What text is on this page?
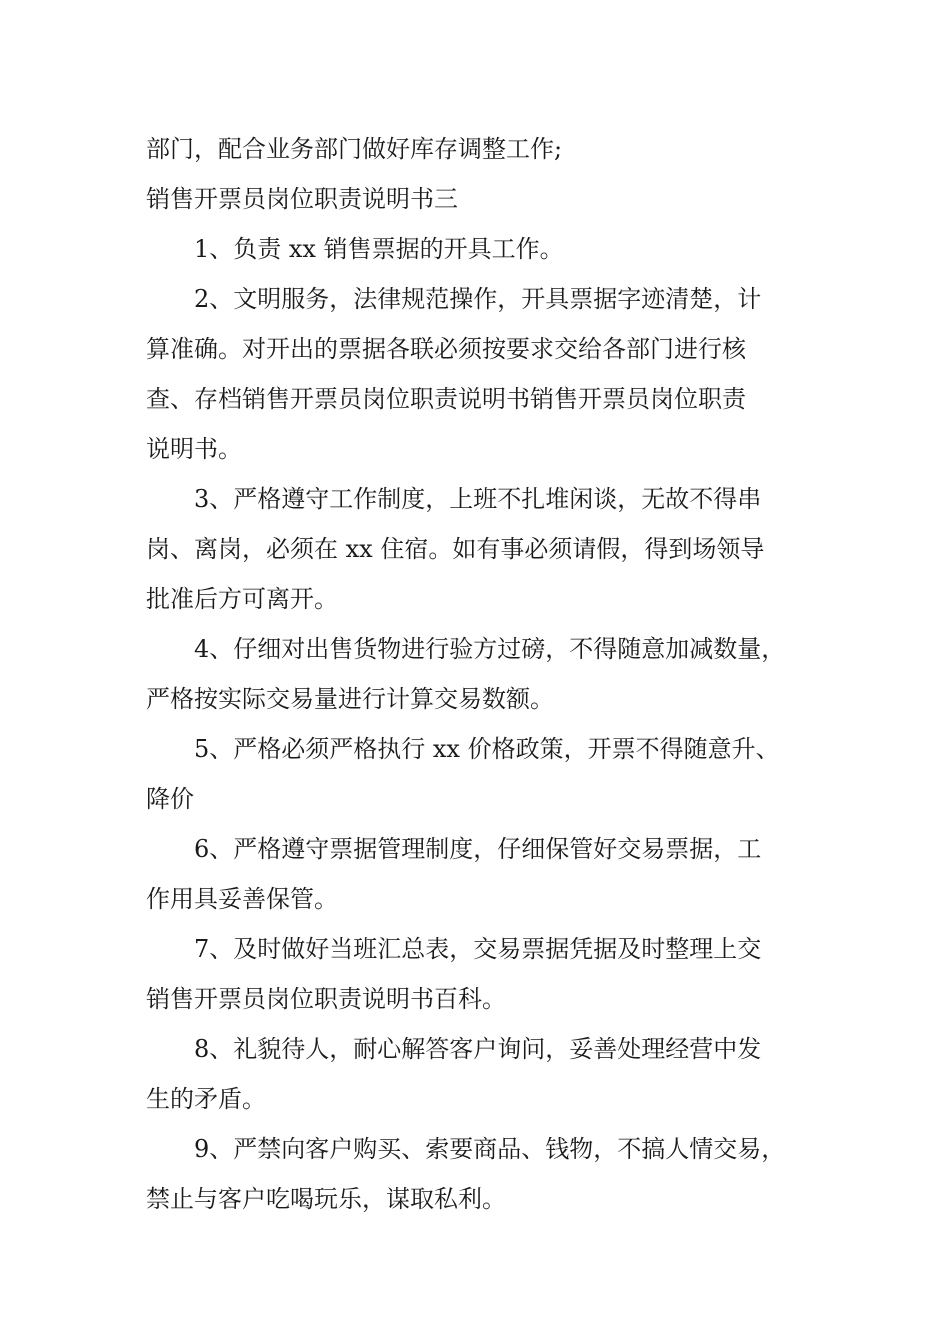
部门，配合业务部门做好库存调整工作;
销售开票员岗位职责说明书三
1、负责 xx 销售票据的开具工作。
2、文明服务，法律规范操作，开具票据字迹清楚，计
算准确。对开出的票据各联必须按要求交给各部门进行核
查、存档销售开票员岗位职责说明书销售开票员岗位职责
说明书。
3、严格遵守工作制度，上班不扎堆闲谈，无故不得串
岗、离岗，必须在 xx 住宿。如有事必须请假，得到场领导
批准后方可离开。
4、仔细对出售货物进行验方过磅，不得随意加减数量，
严格按实际交易量进行计算交易数额。
5、严格必须严格执行 xx 价格政策，开票不得随意升、
降价
6、严格遵守票据管理制度，仔细保管好交易票据，工
作用具妥善保管。
7、及时做好当班汇总表，交易票据凭据及时整理上交
销售开票员岗位职责说明书百科。
8、礼貌待人，耐心解答客户询问，妥善处理经营中发
生的矛盾。
9、严禁向客户购买、索要商品、钱物，不搞人情交易，
禁止与客户吃喝玩乐，谋取私利。
